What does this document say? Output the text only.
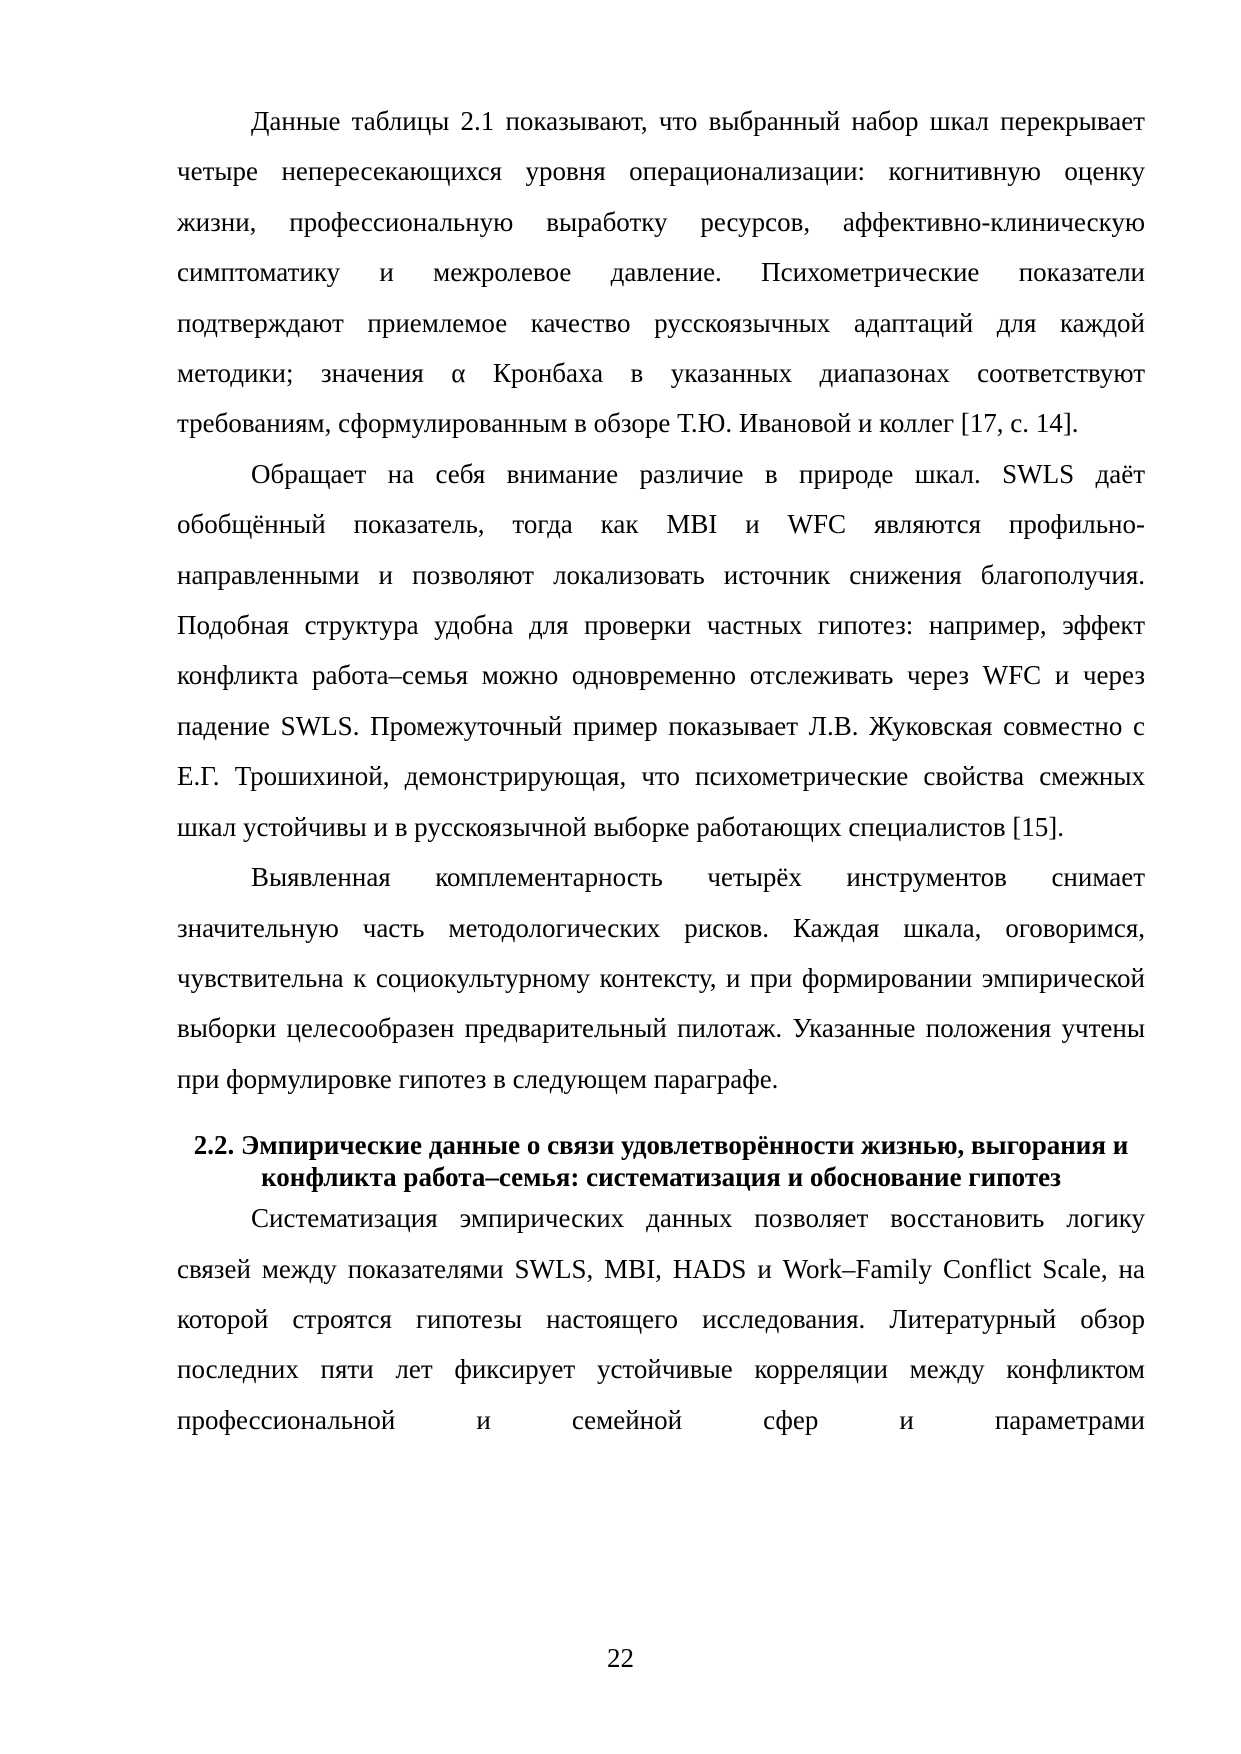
Данные таблицы 2.1 показывают, что выбранный набор шкал перекрывает четыре непересекающихся уровня операционализации: когнитивную оценку жизни, профессиональную выработку ресурсов, аффективно-клиническую симптоматику и межролевое давление. Психометрические показатели подтверждают приемлемое качество русскоязычных адаптаций для каждой методики; значения α Кронбаха в указанных диапазонах соответствуют требованиям, сформулированным в обзоре Т.Ю. Ивановой и коллег [17, с. 14].

Обращает на себя внимание различие в природе шкал. SWLS даёт обобщённый показатель, тогда как MBI и WFC являются профильно-направленными и позволяют локализовать источник снижения благополучия. Подобная структура удобна для проверки частных гипотез: например, эффект конфликта работа–семья можно одновременно отслеживать через WFC и через падение SWLS. Промежуточный пример показывает Л.В. Жуковская совместно с Е.Г. Трошихиной, демонстрирующая, что психометрические свойства смежных шкал устойчивы и в русскоязычной выборке работающих специалистов [15].

Выявленная комплементарность четырёх инструментов снимает значительную часть методологических рисков. Каждая шкала, оговоримся, чувствительна к социокультурному контексту, и при формировании эмпирической выборки целесообразен предварительный пилотаж. Указанные положения учтены при формулировке гипотез в следующем параграфе.

2.2. Эмпирические данные о связи удовлетворённости жизнью, выгорания и конфликта работа–семья: систематизация и обоснование гипотез

Систематизация эмпирических данных позволяет восстановить логику связей между показателями SWLS, MBI, HADS и Work–Family Conflict Scale, на которой строятся гипотезы настоящего исследования. Литературный обзор последних пяти лет фиксирует устойчивые корреляции между конфликтом профессиональной и семейной сфер и параметрами

22
